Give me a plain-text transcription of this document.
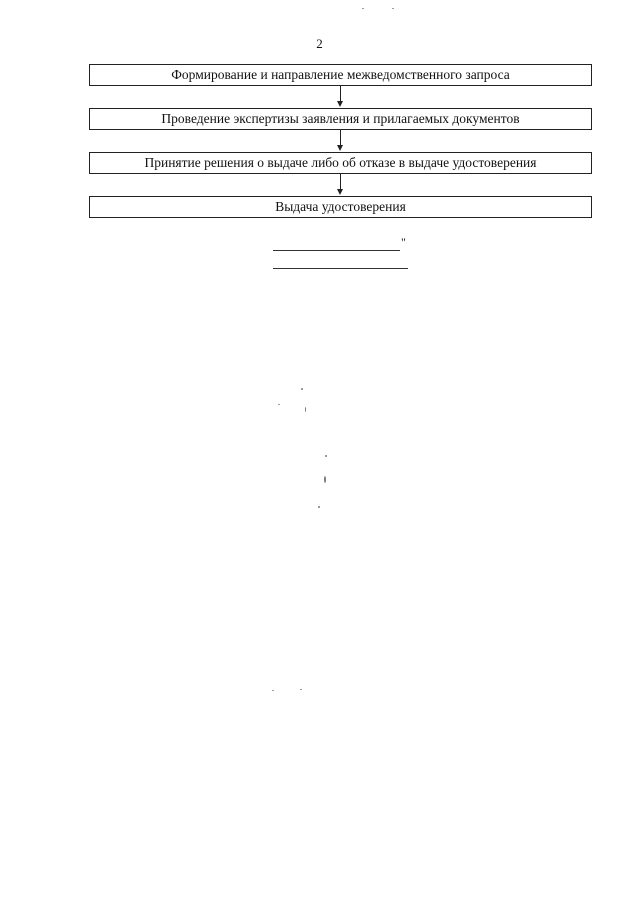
2
Формирование и направление межведомственного запроса
Проведение экспертизы заявления и прилагаемых документов
Принятие решения о выдаче либо об отказе в выдаче удостоверения
Выдача удостоверения
"
